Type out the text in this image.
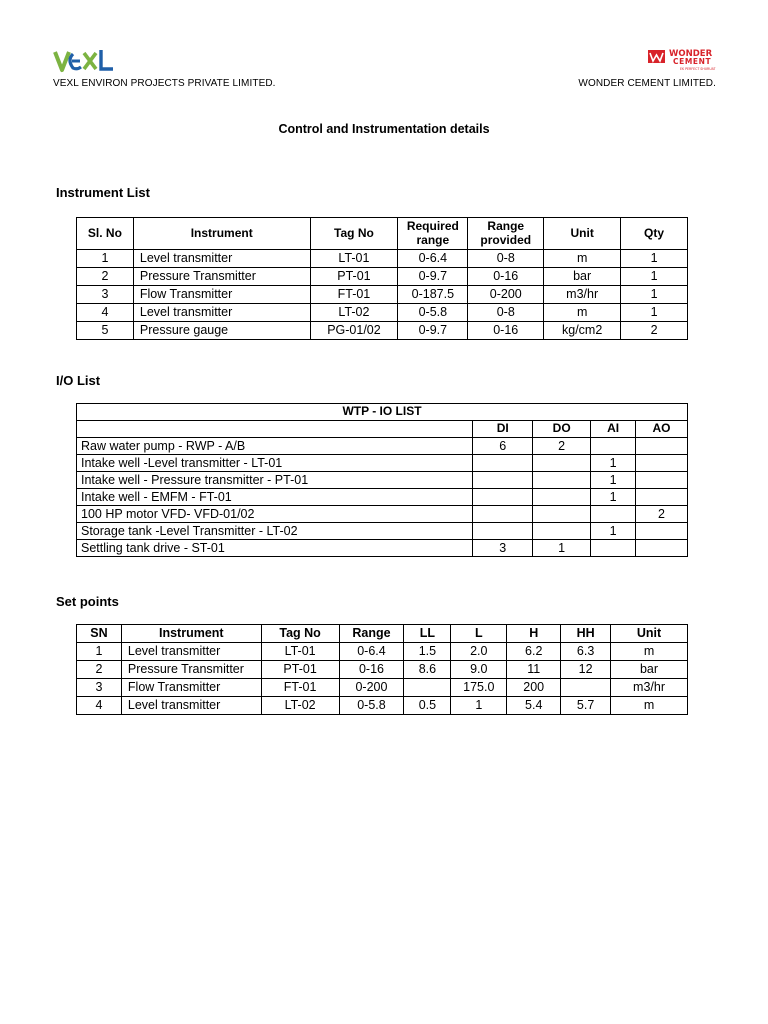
WONDER
CEMENT
EK PERFECT SHURUAT
VEXL ENVIRON PROJECTS PRIVATE LIMITED.	WONDER CEMENT LIMITED.
Control and Instrumentation details
Instrument List
Sl. No	Instrument	Tag No	Required range	Range provided	Unit	Qty
1	Level transmitter	LT-01	0-6.4	0-8	m	1
2	Pressure Transmitter	PT-01	0-9.7	0-16	bar	1
3	Flow Transmitter	FT-01	0-187.5	0-200	m3/hr	1
4	Level transmitter	LT-02	0-5.8	0-8	m	1
5	Pressure gauge	PG-01/02	0-9.7	0-16	kg/cm2	2
I/O List
WTP - IO LIST				
	DI	DO	AI	AO
Raw water pump - RWP - A/B	6	2		
Intake well -Level transmitter - LT-01			1	
Intake well - Pressure transmitter - PT-01			1	
Intake well - EMFM - FT-01			1	
100 HP motor VFD- VFD-01/02				2
Storage tank -Level Transmitter - LT-02			1	
Settling tank drive - ST-01	3	1		
Set points
SN	Instrument	Tag No	Range	LL	L	H	HH	Unit
1	Level transmitter	LT-01	0-6.4	1.5	2.0	6.2	6.3	m
2	Pressure Transmitter	PT-01	0-16	8.6	9.0	11	12	bar
3	Flow Transmitter	FT-01	0-200		175.0	200		m3/hr
4	Level transmitter	LT-02	0-5.8	0.5	1	5.4	5.7	m
